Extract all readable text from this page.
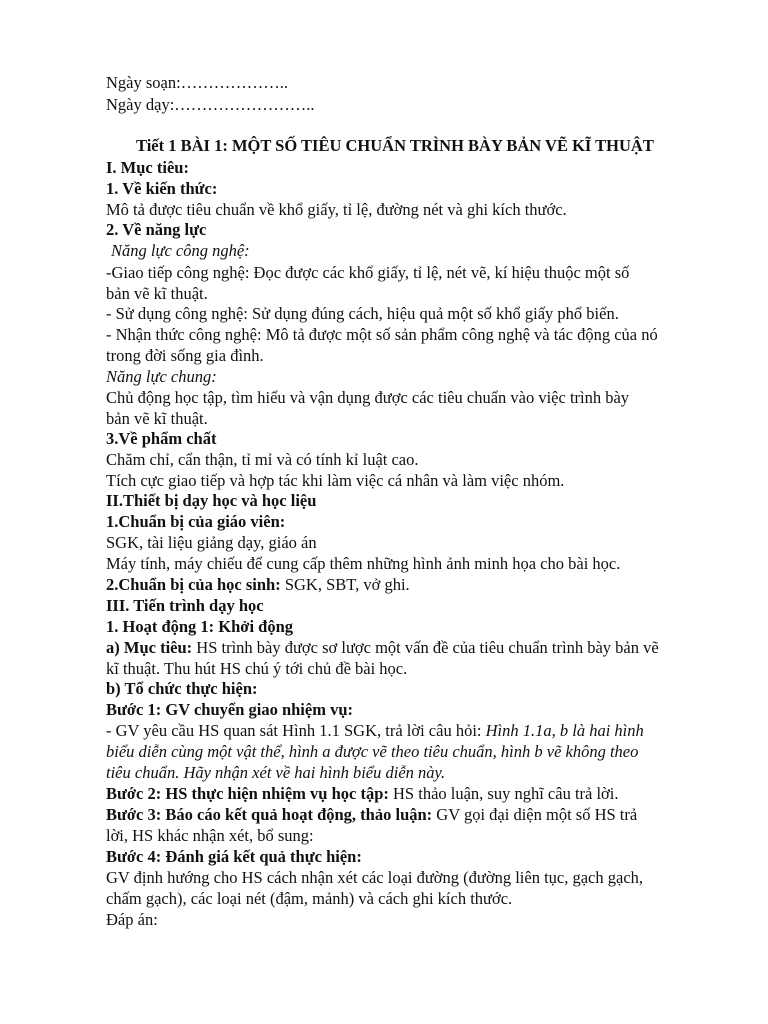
Ngày soạn:………………..
Ngày dạy:……………………..
Tiết 1 BÀI 1: MỘT SỐ TIÊU CHUẨN TRÌNH BÀY BẢN VẼ KĨ THUẬT
I. Mục tiêu:
1. Về kiến thức:
Mô tả được tiêu chuẩn về khổ giấy, tỉ lệ, đường nét và ghi kích thước.
2. Về năng lực
Năng lực công nghệ:
-Giao tiếp công nghệ: Đọc được các khổ giấy, tỉ lệ, nét vẽ, kí hiệu thuộc một số
bản vẽ kĩ thuật.
- Sử dụng công nghệ: Sử dụng đúng cách, hiệu quả một số khổ giấy phổ biến.
- Nhận thức công nghệ: Mô tả được một số sản phẩm công nghệ và tác động của nó
trong đời sống gia đình.
Năng lực chung:
Chủ động học tập, tìm hiểu và vận dụng được các tiêu chuẩn vào việc trình bày
bản vẽ kĩ thuật.
3.Về phẩm chất
Chăm chỉ, cẩn thận, tỉ mỉ và có tính kỉ luật cao.
Tích cực giao tiếp và hợp tác khi làm việc cá nhân và làm việc nhóm.
II.Thiết bị dạy học và học liệu
1.Chuẩn bị của giáo viên:
SGK, tài liệu giảng dạy, giáo án
Máy tính, máy chiếu để cung cấp thêm những hình ảnh minh họa cho bài học.
2.Chuẩn bị của học sinh: SGK, SBT, vở ghi.
III. Tiến trình dạy học
1. Hoạt động 1: Khởi động
a) Mục tiêu: HS trình bày được sơ lược một vấn đề của tiêu chuẩn trình bày bản vẽ
kĩ thuật. Thu hút HS chú ý tới chủ đề bài học.
b) Tổ chức thực hiện:
Bước 1: GV chuyển giao nhiệm vụ:
- GV yêu cầu HS quan sát Hình 1.1 SGK, trả lời câu hỏi: Hình 1.1a, b là hai hình
biểu diễn cùng một vật thể, hình a được vẽ theo tiêu chuẩn, hình b vẽ không theo
tiêu chuẩn. Hãy nhận xét về hai hình biểu diễn này.
Bước 2: HS thực hiện nhiệm vụ học tập: HS thảo luận, suy nghĩ câu trả lời.
Bước 3: Báo cáo kết quả hoạt động, thảo luận: GV gọi đại diện một số HS trả
lời, HS khác nhận xét, bổ sung:
Bước 4: Đánh giá kết quả thực hiện:
GV định hướng cho HS cách nhận xét các loại đường (đường liên tục, gạch gạch,
chấm gạch), các loại nét (đậm, mảnh) và cách ghi kích thước.
Đáp án:
